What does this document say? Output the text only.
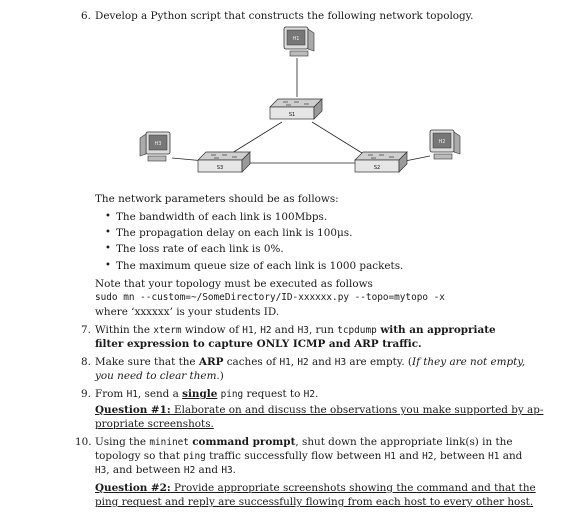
6. Develop a Python script that constructs the following network topology.
S1
S3	S2
H1
H3	H2
The network parameters should be as follows:
• The bandwidth of each link is 100Mbps.
• The propagation delay on each link is 100μs.
• The loss rate of each link is 0%.
• The maximum queue size of each link is 1000 packets.
Note that your topology must be executed as follows
sudo mn --custom=~/SomeDirectory/ID-xxxxxx.py --topo=mytopo -x
where ‘xxxxxx’ is your students ID.
7. Within the xterm window of H1, H2 and H3, run tcpdump with an appropriate
filter expression to capture ONLY ICMP and ARP traffic.
8. Make sure that the ARP caches of H1, H2 and H3 are empty. (If they are not empty,
you need to clear them.)
9. From H1, send a single ping request to H2.
Question #1: Elaborate on and discuss the observations you make supported by ap-
propriate screenshots.
10. Using the mininet command prompt, shut down the appropriate link(s) in the
topology so that ping traffic successfully flow between H1 and H2, between H1 and
H3, and between H2 and H3.
Question #2: Provide appropriate screenshots showing the command and that the
ping request and reply are successfully flowing from each host to every other host.
